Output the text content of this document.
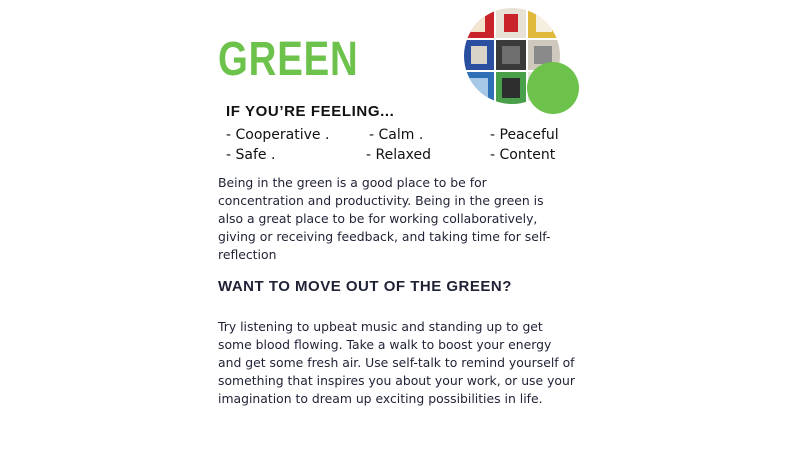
GREEN
IF YOU’RE FEELING...
- Cooperative .	- Calm .	- Peaceful
- Safe .	- Relaxed	- Content

Being in the green is a good place to be for concentration and productivity. Being in the green is also a great place to be for working collaboratively, giving or receiving feedback, and taking time for self-reflection

WANT TO MOVE OUT OF THE GREEN?

Try listening to upbeat music and standing up to get some blood flowing. Take a walk to boost your energy and get some fresh air. Use self-talk to remind yourself of something that inspires you about your work, or use your imagination to dream up exciting possibilities in life.
